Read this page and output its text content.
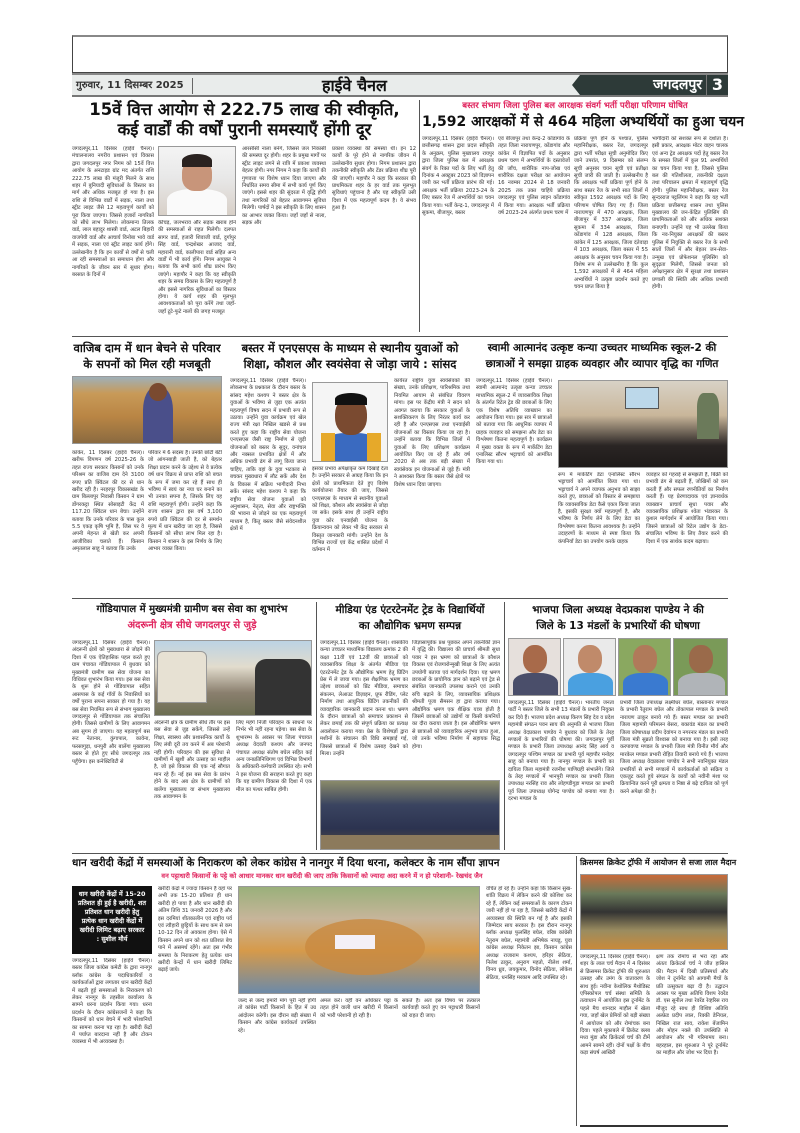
गुरुवार, 11 दिसम्बर 2025	हाईवे चैनल	जगदलपुर 3
15वें वित्त आयोग से 222.75 लाख की स्वीकृति,
कई वार्डों की वर्षों पुरानी समस्याएँ होंगी दूर
जगदलपुर,11 दिसंबर (हाईवे चैनल)। मंचालनालय नगरीय प्रशासन एवं विकास द्वारा जगदलपुर नगर निगम को 15वें वित्त आयोग के अनटाइड ग्रांट मद अंतर्गत राशि 222.75 लाख की मंजूरी मिलने के साथ शहर में बुनियादी सुविधाओं के विस्तार का मार्ग और अधिक मजबूत हो गया है। इस राशि से विभिन्न वार्डों में सड़क, नाला तथा स्ट्रीट लाइट जैसे 12 महत्वपूर्ण कार्यों को पूरा किया जाएगा। जिससे हजारों नागरिकों को सीधे लाभ मिलेगा। लोकमान्य तिलक वार्ड, लाल बहादुर शास्त्री वार्ड, अटल बिहारी वाजपेयी वार्ड और आचार्य विनोबा भावे वार्ड में सड़क, नाला एवं स्ट्रीट लाइट कार्य होंगे। उल्लेखनीय है कि इन कार्यों से वर्षों से चली आ रही समस्याओं का समाधान होगा और नागरिकों के जीवन स्तर में सुधार होगा। बरसात के दिनों में
कीचड़, जलभराव और सड़क खराब होने की समस्याओं से राहत मिलेगी। दलपत सागर वार्ड, हजारी शिवाजी वार्ड, दुर्गापुर सिंह वार्ड, चन्द्रशेखर आजाद वार्ड, महारानी वार्ड, कालीपारा वार्ड सहित अन्य वार्डों में भी कार्य होंगे। निगम आयुक्त ने बताया कि सभी कार्य शीघ्र प्रारंभ किए जाएंगे। महापौर ने कहा कि यह स्वीकृति शहर के समग्र विकास के लिए महत्वपूर्ण है और इससे नागरिक सुविधाओं का विस्तार होगा। ये कार्य शहर की मूलभूत आवश्यकताओं को पूरा करेंगे तथा जहाँ-जहाँ टूटे-फूटे नालों की जगह मजबूत
आरसीसी नाला बनेंगे, जिससे जल निकासी की समस्या दूर होगी। शहर के प्रमुख मार्गों पर स्ट्रीट लाइट लगने से रात्रि में प्रकाश व्यवस्था बेहतर होगी। नगर निगम ने कहा कि कार्यों की गुणवत्ता पर विशेष ध्यान दिया जाएगा और निर्धारित समय सीमा में सभी कार्य पूर्ण किए जाएंगे। इससे शहर की सुंदरता में वृद्धि होगी तथा नागरिकों को बेहतर आवागमन सुविधा मिलेगी। पार्षदों ने इस स्वीकृति के लिए शासन का आभार व्यक्त किया। जहाँ जहाँ से नाला, सड़क और
प्रकाश व्यवस्था की समस्या थी। इन 12 कार्यों के पूरे होने से नागरिक जीवन में उल्लेखनीय सुधार होगा। निगम प्रशासन द्वारा तकनीकी स्वीकृति और टेंडर प्रक्रिया शीघ्र पूरी की जाएगी। महापौर ने कहा कि सरकार की प्राथमिकता शहर के हर वार्ड तक मूलभूत सुविधाएं पहुंचाना है और यह स्वीकृति उसी दिशा में एक महत्वपूर्ण कदम है। ये संभव हुआ है।
बस्तर संभाग जिला पुलिस बल आरक्षक संवर्ग भर्ती परीक्षा परिणाम घोषित
1,592 आरक्षकों में से 464 महिला अभ्यर्थियों का हुआ चयन
जगदलपुर,11 दिसंबर (हाईवे चैनल)। छत्तीसगढ़ शासन द्वारा प्रदत्त स्वीकृति के अनुक्रम, पुलिस मुख्यालय रायपुर द्वारा जिला पुलिस बल में आरक्षक संवर्ग के रिक्त पदों के लिए भर्ती हेतु दिनांक 4 अक्टूबर 2023 को विज्ञापन जारी कर भर्ती प्रक्रिया प्रारंभ की गई। आरक्षक भर्ती प्रक्रिया 2023-24 के लिए बस्तर रेंज में अभ्यर्थियों का चयन किया गया। भर्ती केन्द्र-1, जगदलपुर में सुकमा, बीजापुर, बस्तर
एवं बीजापुर तथा केन्द्र-2 कोंडागांव के तहत जिला नारायणपुर, कोंडागांव और कांकेर में विज्ञापित पदों के अनुसार प्रथम चरण में अभ्यर्थियों के दस्तावेजों की जाँच, शारीरिक नाप-जोख एवं शारीरिक दक्षता परीक्षा का आयोजन 16 नवम्बर 2024 से 18 जनवरी 2025 तक उक्त चाहिये प्रक्रिया जगदलपुर एवं पुलिस लाइन कोंडागांव में किया गया। आरक्षक भर्ती प्रक्रिया वर्ष 2023-24 अंतर्गत प्रथम चरण में
प्रक्रिया पूर्ण होने के पश्चात, पुलिस महानिरीक्षक, बस्तर रेंज, जगदलपुर द्वारा भर्ती परीक्षा सूची अनुमोदित किए जाने उपरांत, 9 दिसम्बर को संलग्न सूची अनुसार चयन सूची एवं प्रतीक्षा सूची जारी की जाती है। उल्लेखनीय है कि आरक्षक भर्ती प्रक्रिया पूर्ण होने के साथ बस्तर रेंज के सभी सात जिलों में स्वीकृत 1592 आरक्षक पदों के लिए परिणाम घोषित किए गए हैं। जिला नारायणपुर में 470 आरक्षक, जिला बीजापुर में 337 आरक्षक, जिला सुकमा में 334 आरक्षक, जिला कोंडागांव में 128 आरक्षक, जिला कांकेर में 125 आरक्षक, जिला दंतेवाड़ा में 103 आरक्षक, जिला बस्तर में 55 आरक्षक के अनुसार चयन किया गया है। विशेष रूप से उल्लेखनीय है कि कुल 1,592 आरक्षकों में से 464 महिला अभ्यर्थियों ने उत्कृष्ट प्रदर्शन करते हुए चयन प्राप्त किया है
भागीदारी को सशक्त रूप से दर्शाता है। इसी प्रकार, आरक्षक मोटर वाहन चालक एवं अन्य ट्रेड आरक्षक पदों हेतु बस्तर रेंज के समस्त जिलों में कुल 91 अभ्यर्थियों का चयन किया गया है, जिससे पुलिस बल की गतिशीलता, तकनीकी दक्षता तथा परिचालन क्षमता में महत्वपूर्ण वृद्धि होगी। पुलिस महानिरीक्षक, बस्तर रेंज सुन्दरराज पट्टलिंगम ने कहा कि यह भर्ती प्रक्रिया छत्तीसगढ़ शासन तथा पुलिस मुख्यालय की जन-केंद्रित पुलिसिंग की प्राथमिकताओं को और अधिक सशक्त बनाएगी। उन्होंने यह भी उल्लेख किया कि नव-नियुक्त आरक्षकों की बस्तर पुलिस में नियुक्ति से बस्तर रेंज के सभी सातों जिलों में और बेहतर जन-सेवा-उन्मुख एवं प्रोफेशनल पुलिसिंग को सुदृढ़ता मिलेगी, जिससे जनता को अपेक्षानुसार क्षेत्र में सुरक्षा तथा प्रशासन प्रणाली की स्थिति और अधिक प्रभावी होगी।
वाजिब दाम में धान बेचने से परिवार
के सपनों को मिल रही मजबूती
कांकेर, 11 दिसंबर (हाईवे चैनल)। खरीफ विपणन वर्ष 2025-26 के तहत राज्य सरकार किसानों को उनके परिश्रम का वाजिब दाम देने 3100 रुपए प्रति क्विंटल की दर से धान खरीद रही है। नरहरपुर विकासखंड के ग्राम बिल्लापुर निवासी किसान ने ग्राम डोंगरकट्टा स्थित सोसाइटी केंद्र में 117.20 क्विंटल धान बेचा। उन्होंने बताया कि उनके परिवार के पास कुल 5.5 एकड़ कृषि भूमि है, जिस पर वे अपनी मेहनत से खेती कर अपनी आजीविका चलाते हैं। किसान अमृतलाल साहू ने बताया कि उनके
परिवार में 6 सदस्य हैं। उनकी छोटी बेटी जो आंगनबाड़ी जाती है, को बेहतर शिक्षा प्रदान करने के उद्देश्य से वे प्रत्येक वर्ष धान विक्रय से प्राप्त राशि को बचत के रूप में जमा कर रहे हैं साथ ही भविष्य में स्वयं का नया घर बनाने का भी उनका सपना है, जिसके लिए यह राशि महत्वपूर्ण होगी। उन्होंने कहा कि राज्य शासन द्वारा इस वर्ष 3,100 रुपये प्रति क्विंटल की दर से समर्थन मूल्य में धान खरीदा जा रहा है, जिससे किसानों को सीधा लाभ मिल रहा है। किसान ने शासन के इस निर्णय के लिए आभार व्यक्त किया।
बस्तर में एनएसएस के माध्यम से स्थानीय युवाओं को
शिक्षा, कौशल और स्वयंसेवा से जोड़ा जाये : सांसद
जगदलपुर,11 दिसंबर (हाईवे चैनल)। लोकसभा के प्रश्नकाल के दौरान बस्तर के सांसद महेश कश्यप ने बस्तर क्षेत्र के युवाओं के भविष्य से जुड़ा एक अत्यंत महत्वपूर्ण विषय सदन में प्रभावी रूप से उठाया। उन्होंने युवा कार्यक्रम एवं खेल राज्य मंत्री रक्षा निखिल खडसे से प्रश्न करते हुए कहा कि राष्ट्रीय सेवा योजना एनएसएस जैसी राष्ट्र निर्माण से जुड़ी योजनाओं को बस्तर के सुदूर, वनांचल और नक्सल प्रभावित क्षेत्रों में और अधिक प्रभावी ढंग से लागू किया जाना चाहिए, ताकि वहां के युवा भटकाव से बचकर मुख्यधारा में लौट सकें और देश के विकास में सक्रिय भागीदारी निभा सकें। सांसद महेश कश्यप ने कहा कि राष्ट्रीय सेवा योजना युवाओं को अनुशासन, नेतृत्व, सेवा और राष्ट्रभक्ति की भावना से जोड़ने का एक महत्वपूर्ण माध्यम है, किंतु बस्तर जैसे संवेदनशील क्षेत्रों में
इसका प्रभाव अपेक्षाकृत कम दिखाई देता है। उन्होंने सरकार से आग्रह किया कि इन क्षेत्रों को प्राथमिकता देते हुए विशेष कार्ययोजना तैयार की जाए, जिससे एनएसएस के माध्यम से स्थानीय युवाओं को शिक्षा, कौशल और स्वयंसेवा से जोड़ा जा सके। इसके साथ ही उन्होंने राष्ट्रीय युवा कोर एनवाईसी योजना के क्रियान्वयन को लेकर भी केंद्र सरकार से विस्तृत जानकारी मांगी। उन्होंने देश के विभिन्न राज्यों एवं केंद्र शासित प्रदेशों में वर्तमान में
कार्यरत राष्ट्रीय युवा स्वयंसेवकों की संख्या, उनके प्रशिक्षण, पारिश्रमिक तथा नियमित आयाम से संबंधित विवरण मांगा। इस पर केंद्रीय मंत्री ने सदन को अवगत कराया कि सरकार युवाओं के सशक्तिकरण के लिए निरंतर कार्य कर रही है और एनएसएस तथा एनवाईसी योजनाओं का विस्तार किया जा रहा है। उन्होंने बताया कि विभिन्न जिलों में युवाओं के लिए प्रशिक्षण कार्यक्रम आयोजित किए जा रहे हैं और वर्ष 2020 से अब तक बड़ी संख्या में स्वयंसेवक इन योजनाओं से जुड़े हैं। मंत्री ने आश्वस्त किया कि बस्तर जैसे क्षेत्रों पर विशेष ध्यान दिया जाएगा।
स्वामी आत्मानंद उत्कृष्ट कन्या उच्चतर माध्यमिक स्कूल-2 की
छात्राओं ने समझा ग्राहक व्यवहार और व्यापार वृद्धि का गणित
जगदलपुर,11 दिसंबर (हाईवे चैनल)। स्वामी आत्मानंद उत्कृष्ट कन्या उच्चतर माध्यमिक स्कूल-2 में व्यावसायिक शिक्षा के अंतर्गत रिटेल ट्रेड की छात्राओं के लिए एक विशेष अतिथि व्याख्यान का आयोजन किया गया। इस सत्र में छात्राओं को बताया गया कि आधुनिक व्यापार में ग्राहक व्यवहार को समझना और डेटा का विश्लेषण कितना महत्वपूर्ण है। कार्यक्रम में मुख्य वक्ता के रूप में मार्केटिंग डेटा एनालिस्ट सौरभ भट्टाचार्य को आमंत्रित किया गया था।
रूप में मार्केटिंग डेटा एनालिस्ट सौरभ भट्टाचार्य को आमंत्रित किया गया था। भट्टाचार्य ने अपने व्यापक अनुभव को साझा करते हुए, छात्राओं को विस्तार से समझाया कि व्यावसायिक डेटा कैसे एकत्र किया जाता है, इसकी सुरक्षा क्यों महत्वपूर्ण है, और भविष्य के निर्णय लेने के लिए डेटा का विश्लेषण करना कितना आवश्यक है। उन्होंने उदाहरणों के माध्यम से स्पष्ट किया कि कंपनियाँ डेटा का उपयोग करके ग्राहक
व्यवहार को गहराई से समझती हैं, बिक्री को प्रभावी ढंग से बढ़ाती हैं, जोखिमों को कम करती हैं और सफल रणनीतियों का निर्माण करती हैं। यह प्रेरणादायक एवं ज्ञानवर्धक व्याख्यान प्राचार्य सुधा पवार और व्यावसायिक प्रशिक्षक श्वेता भंडारकर के कुशल मार्गदर्शन में आयोजित किया गया। जिसने छात्राओं को रिटेल उद्योग के डेटा-संचालित भविष्य के लिए तैयार करने की दिशा में एक सार्थक कदम बढ़ाया।
गोंडियापाल में मुख्यमंत्री ग्रामीण बस सेवा का शुभारंभ
अंदरूनी क्षेत्र सीधे जगदलपुर से जुड़े
जगदलपुर,11 दिसंबर (हाईवे चैनल)। अंदरूनी क्षेत्रों को मुख्यधारा से जोड़ने की दिशा में एक ऐतिहासिक पहल करते हुए ग्राम पंचायत गोंडियापाल में बुधवार को मुख्यमंत्री ग्रामीण बस सेवा योजना का विधिवत शुभारंभ किया गया। इस बस सेवा के शुरू होने से गोंडियापाल सहित आसपास के कई गाँवों के निवासियों का वर्षों पुराना सपना साकार हो गया है। यह बस सेवा नियमित रूप से संभाग मुख्यालय जगदलपुर से गोंडियापाल तक संचालित होगी। जिससे ग्रामीणों के लिए आवागमन अब सुगम हो जाएगा। यह महत्वपूर्ण बस रूट नेतानार, कुंगापाल, कावेना, फरसागुड़ा, धनपुरी और बालेंगा मुख्यालय बस्तर से होते हुए सीधे जगदलपुर तक पहुँचेगा। इस कनेक्टिविटी से
अंदरूनी क्षेत्र के ग्रामीण सीधे तौर पर इस बस सेवा से जुड़ सकेंगे, जिससे उन्हें शिक्षा, स्वास्थ्य और प्रशासनिक कार्यों के लिए लंबी दूरी तय करने में अब परेशानी नहीं होगी। परिवहन की इस सुविधा से ग्रामीणों में खुशी और उत्साह का माहौल है, जो इसे विकास की एक नई सौगात मान रहे हैं। नई इस बस सेवा के प्रारंभ होने के बाद अब क्षेत्र के ग्रामीणों को बालेंगा मुख्यालय या संभाग मुख्यालय तक आवागमन के
लिए महंगे निजी परिवहन के साधनों पर निर्भर भी नहीं रहना पड़ेगा। बस सेवा के शुभारम्भ के अवसर पर जिला पंचायत अध्यक्ष वेदवती कश्यप और जनपद पंचायत अध्यक्ष संतोष बघेल सहित कई अन्य जनप्रतिनिधिगण एवं विभिन्न विभागों के अधिकारी-कर्मचारी उपस्थित रहे। सभी ने इस योजना की सराहना करते हुए कहा कि यह ग्रामीण विकास की दिशा में एक मील का पत्थर साबित होगी।
मीडिया एंड एंटरटेनमेंट ट्रेड के विद्यार्थियों
का औद्योगिक भ्रमण सम्पन्न
जगदलपुर,11 दिसंबर (हाईवे चैनल)। शासकीय कन्या उच्चतर माध्यमिक विद्यालय क्रमांक 2 की कक्षा 11वीं एवं 12वीं की छात्राओं को व्यावसायिक शिक्षा के अंतर्गत मीडिया एंड एंटरटेनमेंट ट्रेड के औद्योगिक भ्रमण हेतु प्रिंटिंग प्रेस में ले जाया गया। इस शैक्षणिक भ्रमण का उद्देश्य छात्राओं को प्रिंट मीडिया, समाचार संकलन, लेआउट डिज़ाइन, प्रूफ रीडिंग, प्लेट निर्माण तथा आधुनिक प्रिंटिंग तकनीकों की व्यावहारिक जानकारी प्रदान करना था। भ्रमण के दौरान छात्राओं को समाचार प्रकाशन से लेकर छपाई तक की संपूर्ण प्रक्रिया का प्रत्यक्ष अवलोकन कराया गया। प्रेस के विशेषज्ञों द्वारा मशीनों के संचालन की विधि समझाई गई, जिससे छात्राओं में विशेष उत्साह देखने को मिला। उन्होंने
जिज्ञासापूर्वक प्रश्न पूछकर अपने तकनीकी ज्ञान में वृद्धि की। विद्यालय की प्राचार्य श्रीमती सुधा पवार ने इस भ्रमण को छात्राओं के कौशल विकास एवं रोजगारोन्मुखी शिक्षा के लिए अत्यंत उपयोगी बताया एवं मार्गदर्शन दिया। यह भ्रमण छात्राओं के प्रायोगिक ज्ञान को बढ़ाने एवं ट्रेड से संबंधित जानकारी उपलब्ध कराने एवं उनकी रुचि बढ़ाने के लिए, व्यावसायिक प्रशिक्षक श्रीमती पूजा सैमसन हा द्वारा कराया गया। औद्योगिक भ्रमण एक शैक्षिक यात्रा होती है जिसमें छात्राओं को उद्योगों या किसी कंपनियों का दौरा कराया जाता है। इस औद्योगिक भ्रमण से छात्राओं को व्यावहारिक अनुभव प्राप्त हुआ, जो उनके भविष्य निर्माण में सहायक सिद्ध होगा।
भाजपा जिला अध्यक्ष वेदप्रकाश पाण्डेय ने की
जिले के 13 मंडलों के प्रभारियों की घोषणा
जगदलपुर,11 दिसंबर (हाईवे चैनल)। भारतीय जनता पार्टी ने बस्तर जिले के सभी 13 मंडलों के प्रभारी नियुक्त कर दिये हैं। भाजपा प्रदेश अध्यक्ष किरण सिंह देव व प्रदेश महामंत्री संगठन पवन साय की अनुमति से भाजपा जिला अध्यक्ष वेदप्रकाश पाण्डेय ने बुधवार को जिले के तेरह मण्डलों के प्रभारियों की घोषणा की। जगदलपुर पूर्वी मण्डल के प्रभारी जिला उपाध्यक्ष आनंद सिंह आर्य व जगदलपुर पश्चिम मण्डल का प्रभारी पूर्व महापौर मनोहर साहू को बनाया गया है। नानगुर मण्डल के प्रभारी का दायित्व जिला महामंत्री रजनीश पाणिग्रही संभालेंगे। जिले के तेरह मण्डलों में भानपुरी मण्डल का प्रभारी जिला उपाध्यक्ष नरसिंह राव और लोहण्डीगुड़ा मण्डल का प्रभारी पूर्व जिला उपाध्यक्ष योगेन्द्र पाण्डेय को बनाया गया है। दरभा मण्डल के
प्रभारी जिला उपाध्यक्ष लक्ष्मीधर बघेल, बास्तानार मण्डल के प्रभारी रैतुराम बघेल और तोकापाल मण्डल के प्रभारी नारायण ठाकुर बनाये गये हैं। बस्तर मण्डल का प्रभारी जिला महामंत्री परिमलन बेसरा, बकावंड मंडल का प्रभारी जिला कोषाध्यक्ष प्रदीप देवांगन व नगरनार मंडल का प्रभारी जिला मंत्री सुब्रतो विश्वास को बनाया गया है। इसी तरह करपावण्ड मण्डल के प्रभारी जिला मंत्री विनीत मौर्य और मारकेल मण्डल प्रभारी रोहित तिवारी बनाये गये हैं। भाजपा जिला अध्यक्ष वेदप्रकाश पाण्डेय ने सभी नवनियुक्त मंडल प्रभारियों से सभी मण्डलों में कार्यकर्ताओं को सक्रिय व एकजुट करते हुये संगठन के कार्यों को नवीनी मंशा पर क्रियान्वित करने पूरी क्षमता व निष्ठा से बढ़े दायित्व को पूर्ण करने अपेक्षा की है।
धान खरीदी केंद्रों में समस्याओं के निराकरण को लेकर कांग्रेस ने नानगुर में दिया धरना, कलेक्टर के नाम सौंपा ज्ञापन
वन पट्टाधारी किसानों के पट्टे को आधार मानकर धान खरीदी की जाए ताकि किसानों को ज्यादा अदा करने में न हो परेशानी- रेखचंद जैन
धान खरीदी केंद्रों में 15-20 प्रतिशत ही हुई है खरीदी, शत प्रतिशत धान खरीदी हेतु प्रत्येक धान खरीदी केंद्रों में खरीदी लिमिट बढ़ाए सरकार : सुशील मौर्य
जगदलपुर,11 दिसंबर (हाईवे चैनल)। बस्तर जिला कांग्रेस कमेटी के द्वारा नानगुर ब्लॉक कांग्रेस के पदाधिकारियों व कार्यकर्ताओं द्वारा लगातार धान खरीदी केंद्रों में बढ़ती हुई समस्याओं के निराकरण को लेकर नानगुर के तहसील कार्यालय के सामने धरना प्रदर्शन किया गया। धरना प्रदर्शन के दौरान कांग्रेसजनों ने कहा कि किसानों को धान बेचने में भारी परेशानियों का सामना करना पड़ रहा है। खरीदी केंद्रों में पर्याप्त बारदाना नहीं है और टोकन व्यवस्था में भी अव्यवस्था है।
खरीदी केंद्रों में ज्यादा किसान है वहां पर अभी तक 15-20 प्रतिशत ही धान खरीदी हो पाया है और धान खरीदी की अंतिम तिथि 31 जनवरी 2026 है और इस दरमियां शीतकालीन एवं राष्ट्रीय पर्व एवं त्यौहारी छुट्टियों के साथ कम से कम 10-12 दिन तो अवकाश होगा। ऐसे में किसान अपने धान को शत प्रतिशत बेच पाने में असमर्थ रहेंगे। अतः इस गंभीर समस्या के निराकरण हेतु प्रत्येक धान खरीदी केन्द्रों में धान खरीदी लिमिट बढ़ाई जाये।
जल्द से जल्द हमारी मांग पूरी नहीं होगी तो कांग्रेस पार्टी किसानों के हित में उग्र आंदोलन करेगी। इस दौरान बड़ी संख्या में किसान और कांग्रेस कार्यकर्ता उपस्थित रहे।
अमल करें। वहीं वन अधिकार पट्टा के तहत होने वाली धान खरीदी में किसानों को भारी परेशानी हो रही है।
सकते हैं। अतः इस विषय पर तत्काल कार्यवाही करते हुए वन पट्टाधारी किसानों को राहत दी जाए।
वंचित हो रहे हैं। उन्होंने कहा कि किसान सुख-शांति विक्रय में लेकिन करने की कोशिश कर रहे हैं, लेकिन कई समस्याओं के कारण टोकन जारी नहीं हो पा रहा है, जिससे खरीदी केंद्रों में अव्यवस्था की स्थिति बन गई है और इसकी जिम्मेदार साय सरकार है। इस दौरान नानगुर ब्लॉक अध्यक्ष फुलसिंह बघेल, वरिष्ठ कांग्रेसी नेतुराम बघेल, महामंत्री अभिषेक नायडू, युवा कांग्रेस अध्यक्ष निकेतन झा, किसान कांग्रेस अध्यक्ष राजाराम कश्यप, हरिहर सेठिया, निलेश ठाकुर, अनुराग महतो, नीलेश शर्मा, विनय ध्रुव, जयकुमार, विनोद सेठिया, लोकेश सेठिया, धनसिंह मरकाम आदि उपस्थित रहे।
क्रिसमस क्रिकेट ट्रॉफी में आयोजन से सजा लाल मैदान
जगदलपुर,11 दिसंबर (हाईवे चैनल)। शहर के लाल चर्च मैदान में 4 दिसंबर से क्रिसमस क्रिकेट ट्रॉफी की शुरुआत उत्साह और उमंग के वातावरण के साथ हुई। नवीना केथोलिक मैथोडिस्ट एपिस्कोपल चर्च संस्था समिति के तत्वाधान में आयोजित इस टूर्नामेंट के पहले मैच शानदार माहौल में खेला गया, जहाँ खेल प्रेमियों को बड़ी संख्या में आयोजन को और रोमांचक बना दिया। पहले मुकाबले में क्रिकेट क्लब मध्य मुंडा और क्रिकेटर्स चर्च की टीमें आमने सामने रहीं। दोनों पक्षों के बीच कड़ा संघर्ष आखिरी
क्षण तक रोमांच से भरा रहा और अंततः क्रिकेटर्स चर्च ने जीत हासिल की। मैदान में दिखी प्रतिस्पर्धा और जोश ने टूर्नामेंट को आगामी मैचों के प्रति उत्सुकता बढ़ा दी है। उद्घाटन अवसर पर मुख्य अतिथि विशप रेवरेंड डॉ. एस सुनील तथा रेवरेंड रेव्हरिस राय मौजूद रहे साथ ही विशिष्ट अतिथि अल्फ्रेड प्रदीप लाल, रिक्की डेनियल, निखिल राज साव, राकेश बेंजामिन और मोहन नक्ले की उपस्थिति से आयोजन और भी गरिमामय बना। बहरहाल, इस शुरुआत ने पूरे टूर्नामेंट का माहौल और जोश भर दिया है।
